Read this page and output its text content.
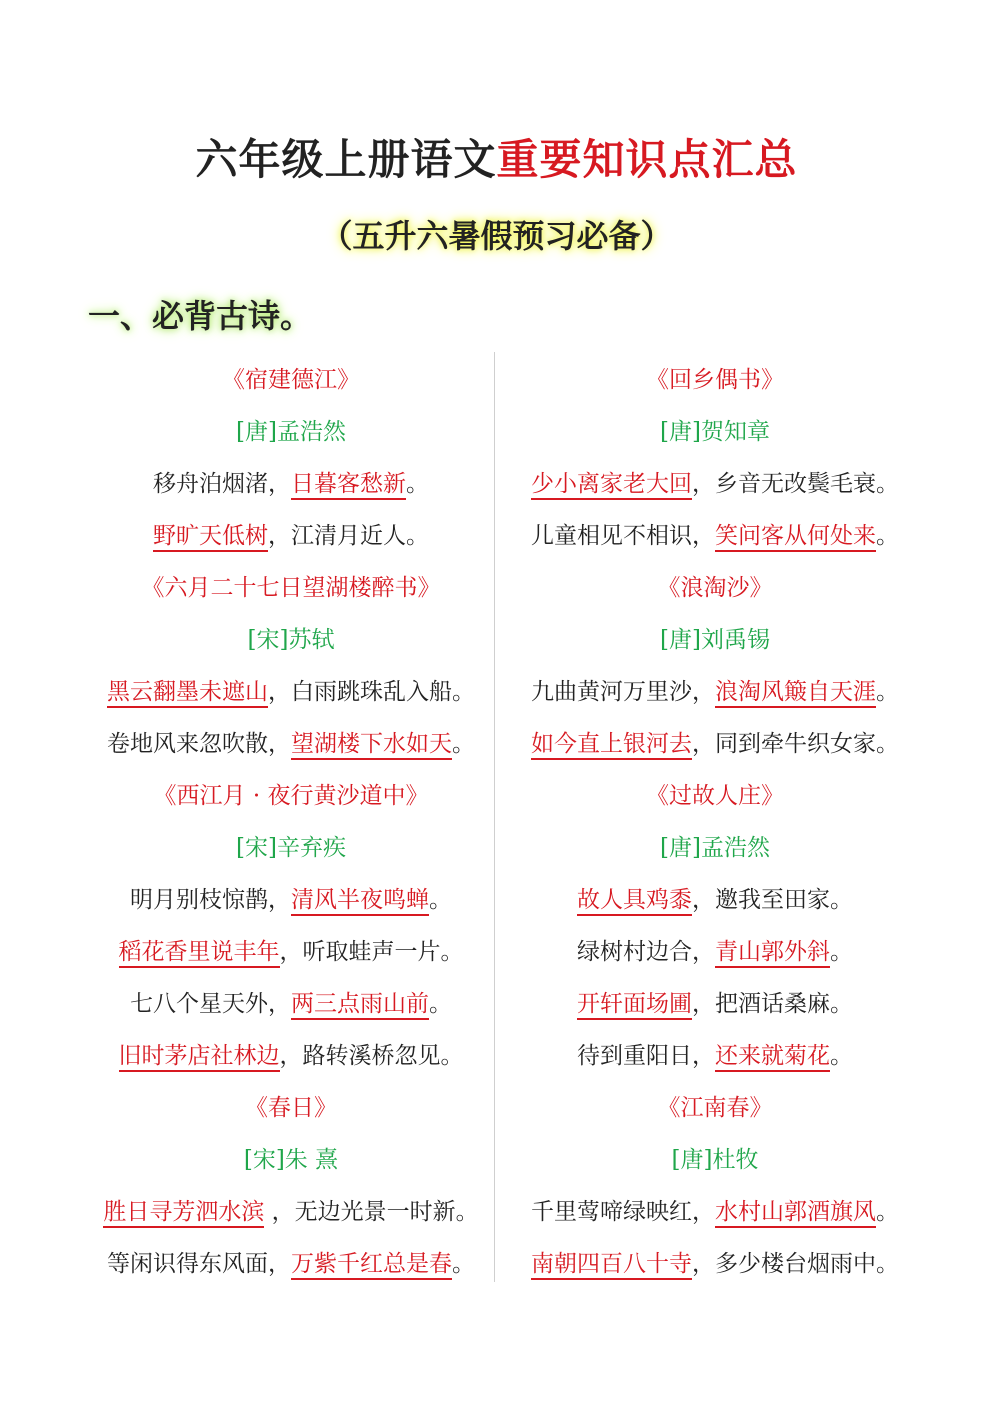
六年级上册语文重要知识点汇总
（五升六暑假预习必备）
一、必背古诗。
《宿建德江》
[唐]孟浩然
移舟泊烟渚，日暮客愁新。
野旷天低树，江清月近人。
《六月二十七日望湖楼醉书》
[宋]苏轼
黑云翻墨未遮山，白雨跳珠乱入船。
卷地风来忽吹散，望湖楼下水如天。
《西江月 · 夜行黄沙道中》
[宋]辛弃疾
明月别枝惊鹊，清风半夜鸣蝉。
稻花香里说丰年，听取蛙声一片。
七八个星天外，两三点雨山前。
旧时茅店社林边，路转溪桥忽见。
《春日》
[宋]朱 熹
胜日寻芳泗水滨 ，无边光景一时新。
等闲识得东风面，万紫千红总是春。
《回乡偶书》
[唐]贺知章
少小离家老大回，乡音无改鬓毛衰。
儿童相见不相识，笑问客从何处来。
《浪淘沙》
[唐]刘禹锡
九曲黄河万里沙，浪淘风簸自天涯。
如今直上银河去，同到牵牛织女家。
《过故人庄》
[唐]孟浩然
故人具鸡黍，邀我至田家。
绿树村边合，青山郭外斜。
开轩面场圃，把酒话桑麻。
待到重阳日，还来就菊花。
《江南春》
[唐]杜牧
千里莺啼绿映红，水村山郭酒旗风。
南朝四百八十寺，多少楼台烟雨中。
